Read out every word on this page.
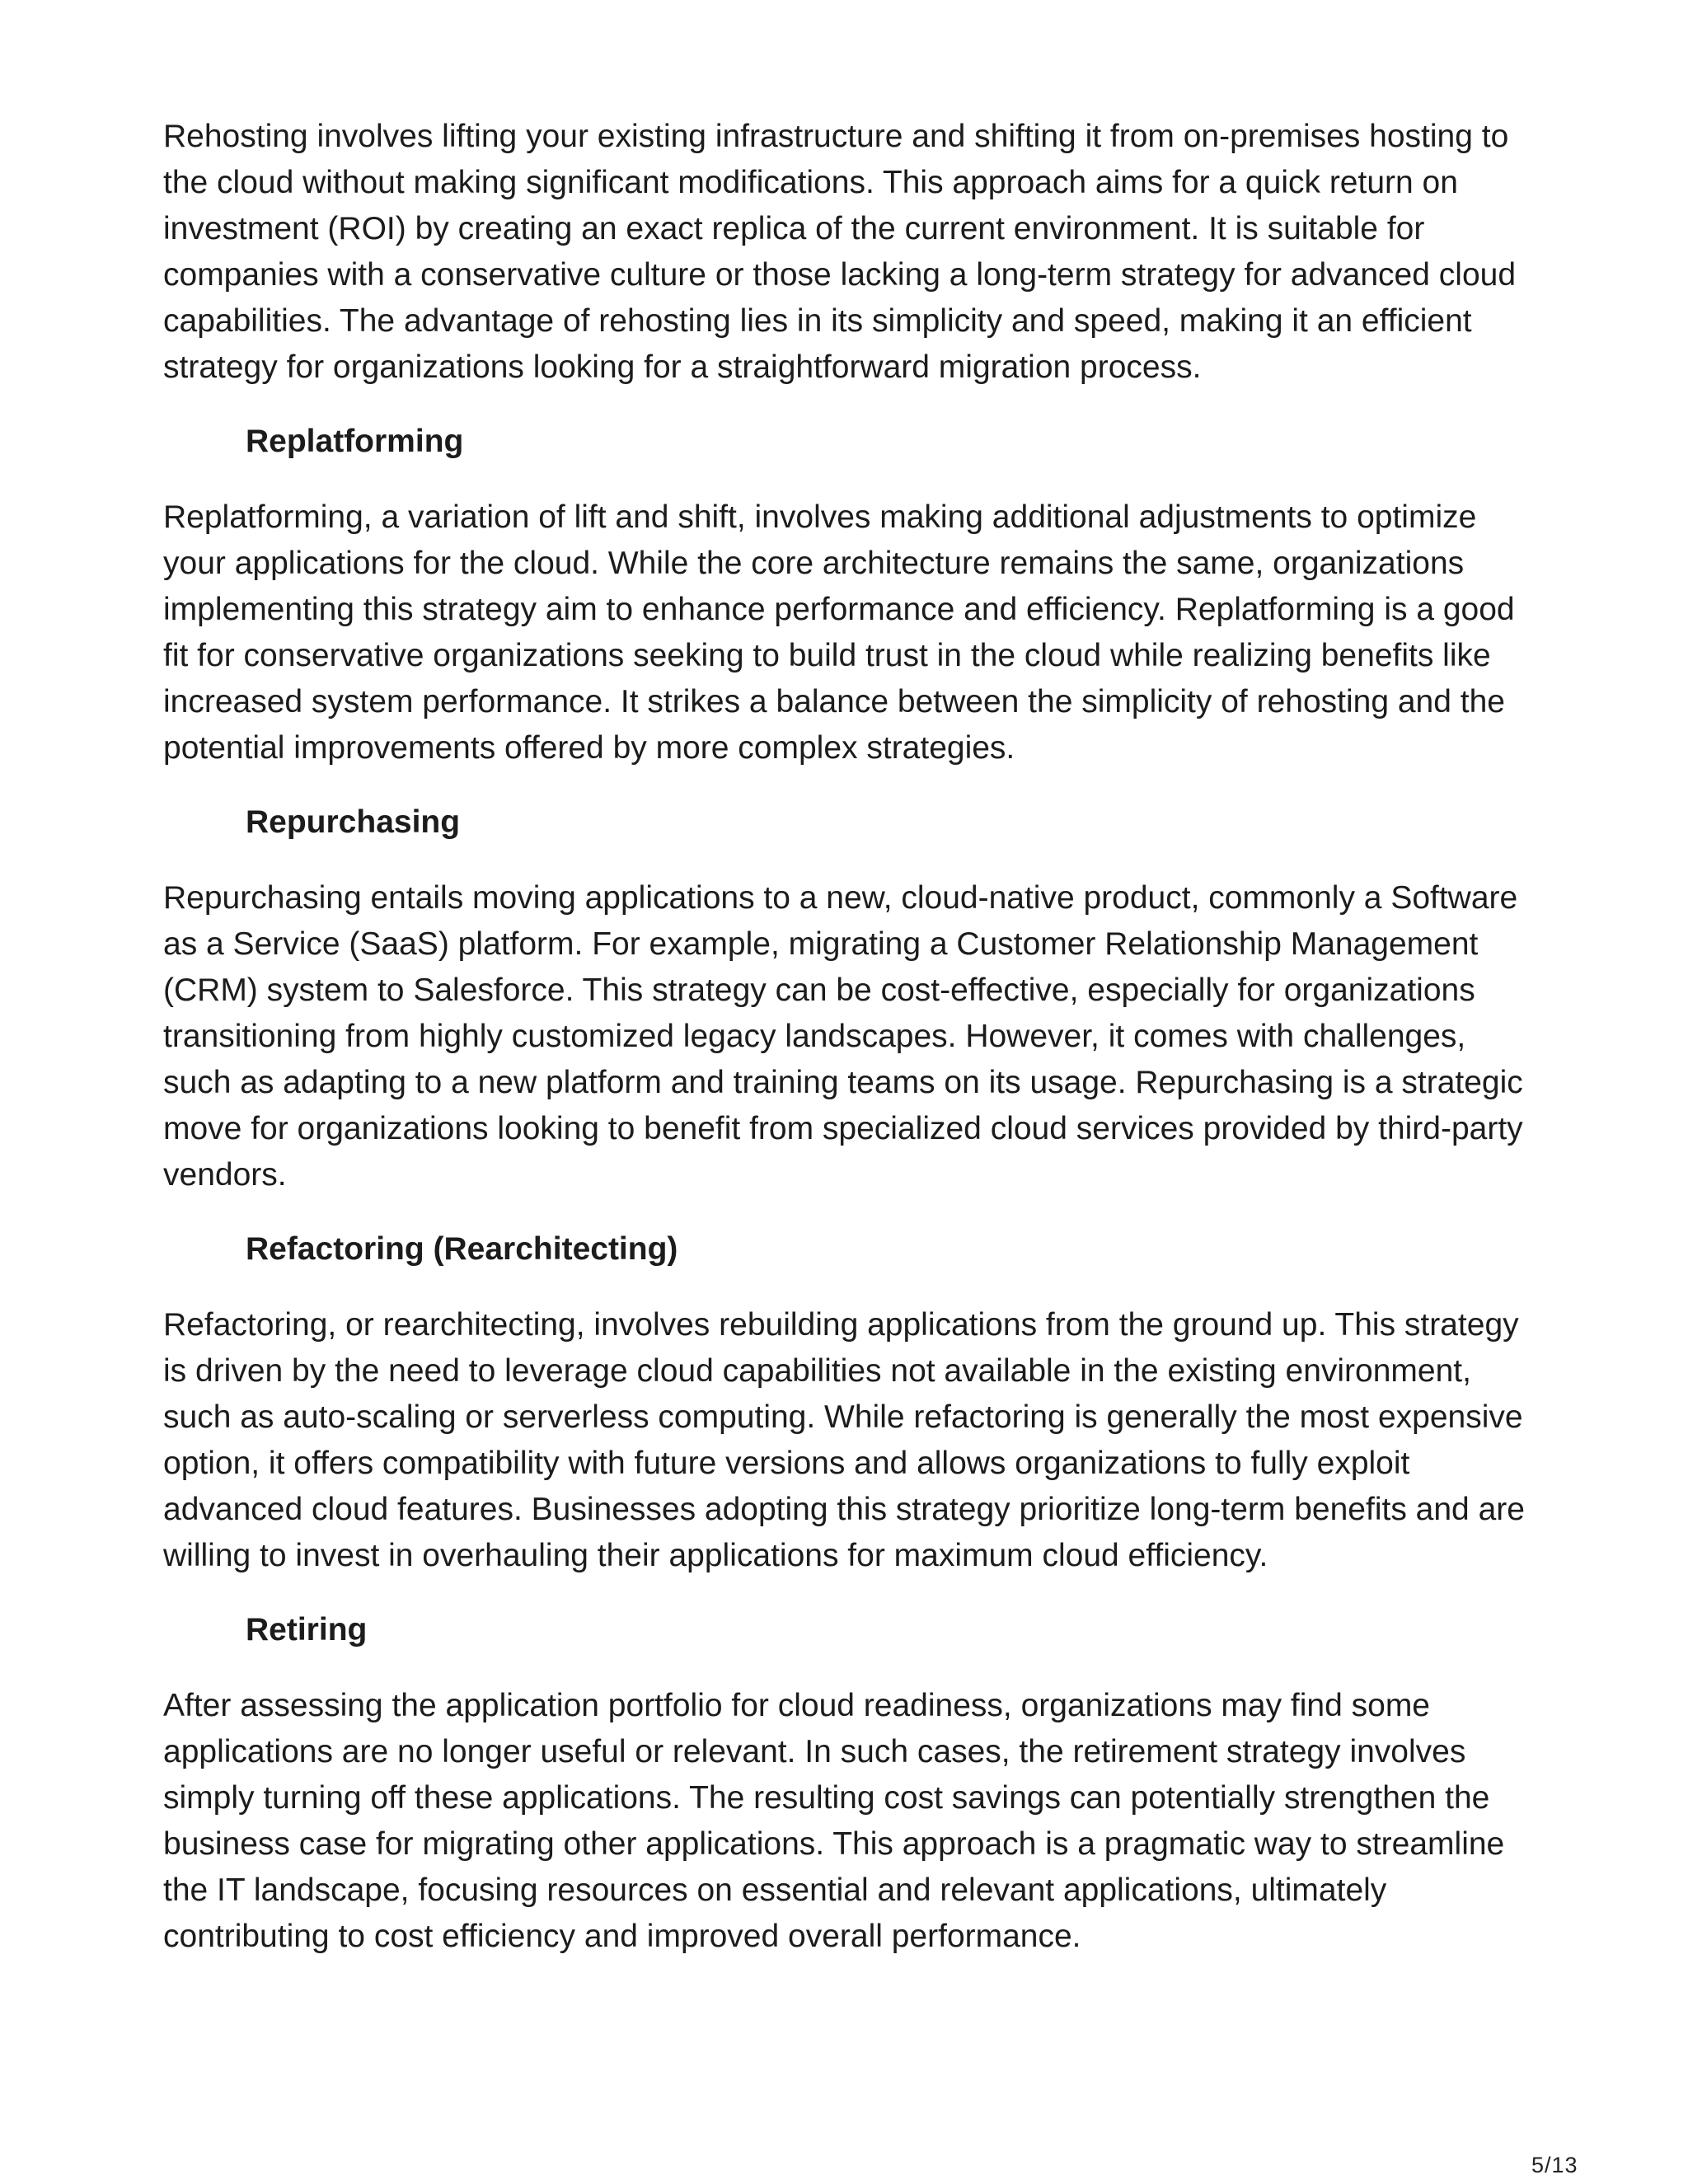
Rehosting involves lifting your existing infrastructure and shifting it from on-premises hosting to the cloud without making significant modifications. This approach aims for a quick return on investment (ROI) by creating an exact replica of the current environment. It is suitable for companies with a conservative culture or those lacking a long-term strategy for advanced cloud capabilities. The advantage of rehosting lies in its simplicity and speed, making it an efficient strategy for organizations looking for a straightforward migration process.

Replatforming

Replatforming, a variation of lift and shift, involves making additional adjustments to optimize your applications for the cloud. While the core architecture remains the same, organizations implementing this strategy aim to enhance performance and efficiency. Replatforming is a good fit for conservative organizations seeking to build trust in the cloud while realizing benefits like increased system performance. It strikes a balance between the simplicity of rehosting and the potential improvements offered by more complex strategies.

Repurchasing

Repurchasing entails moving applications to a new, cloud-native product, commonly a Software as a Service (SaaS) platform. For example, migrating a Customer Relationship Management (CRM) system to Salesforce. This strategy can be cost-effective, especially for organizations transitioning from highly customized legacy landscapes. However, it comes with challenges, such as adapting to a new platform and training teams on its usage. Repurchasing is a strategic move for organizations looking to benefit from specialized cloud services provided by third-party vendors.

Refactoring (Rearchitecting)

Refactoring, or rearchitecting, involves rebuilding applications from the ground up. This strategy is driven by the need to leverage cloud capabilities not available in the existing environment, such as auto-scaling or serverless computing. While refactoring is generally the most expensive option, it offers compatibility with future versions and allows organizations to fully exploit advanced cloud features. Businesses adopting this strategy prioritize long-term benefits and are willing to invest in overhauling their applications for maximum cloud efficiency.

Retiring

After assessing the application portfolio for cloud readiness, organizations may find some applications are no longer useful or relevant. In such cases, the retirement strategy involves simply turning off these applications. The resulting cost savings can potentially strengthen the business case for migrating other applications. This approach is a pragmatic way to streamline the IT landscape, focusing resources on essential and relevant applications, ultimately contributing to cost efficiency and improved overall performance.

5/13
